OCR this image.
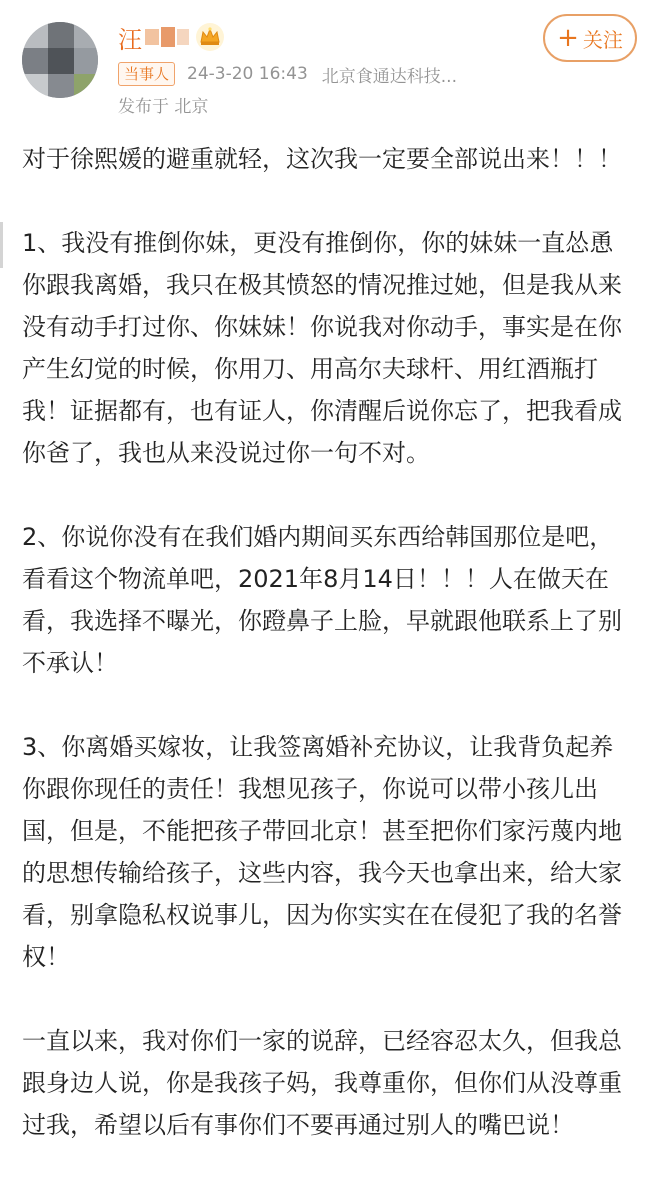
汪
当事人	24-3-20 16:43 北京食通达科技...
发布于 北京
+ 关注

对于徐熙媛的避重就轻，这次我一定要全部说出来！！！

1、我没有推倒你妹，更没有推倒你，你的妹妹一直怂恿你跟我离婚，我只在极其愤怒的情况推过她，但是我从来没有动手打过你、你妹妹！你说我对你动手，事实是在你产生幻觉的时候，你用刀、用高尔夫球杆、用红酒瓶打我！证据都有，也有证人，你清醒后说你忘了，把我看成你爸了，我也从来没说过你一句不对。

2、你说你没有在我们婚内期间买东西给韩国那位是吧，看看这个物流单吧，2021年8月14日！！！人在做天在看，我选择不曝光，你蹬鼻子上脸，早就跟他联系上了别不承认！

3、你离婚买嫁妆，让我签离婚补充协议，让我背负起养你跟你现任的责任！我想见孩子，你说可以带小孩儿出国，但是，不能把孩子带回北京！甚至把你们家污蔑内地的思想传输给孩子，这些内容，我今天也拿出来，给大家看，别拿隐私权说事儿，因为你实实在在侵犯了我的名誉权！

一直以来，我对你们一家的说辞，已经容忍太久，但我总跟身边人说，你是我孩子妈，我尊重你，但你们从没尊重过我，希望以后有事你们不要再通过别人的嘴巴说！
